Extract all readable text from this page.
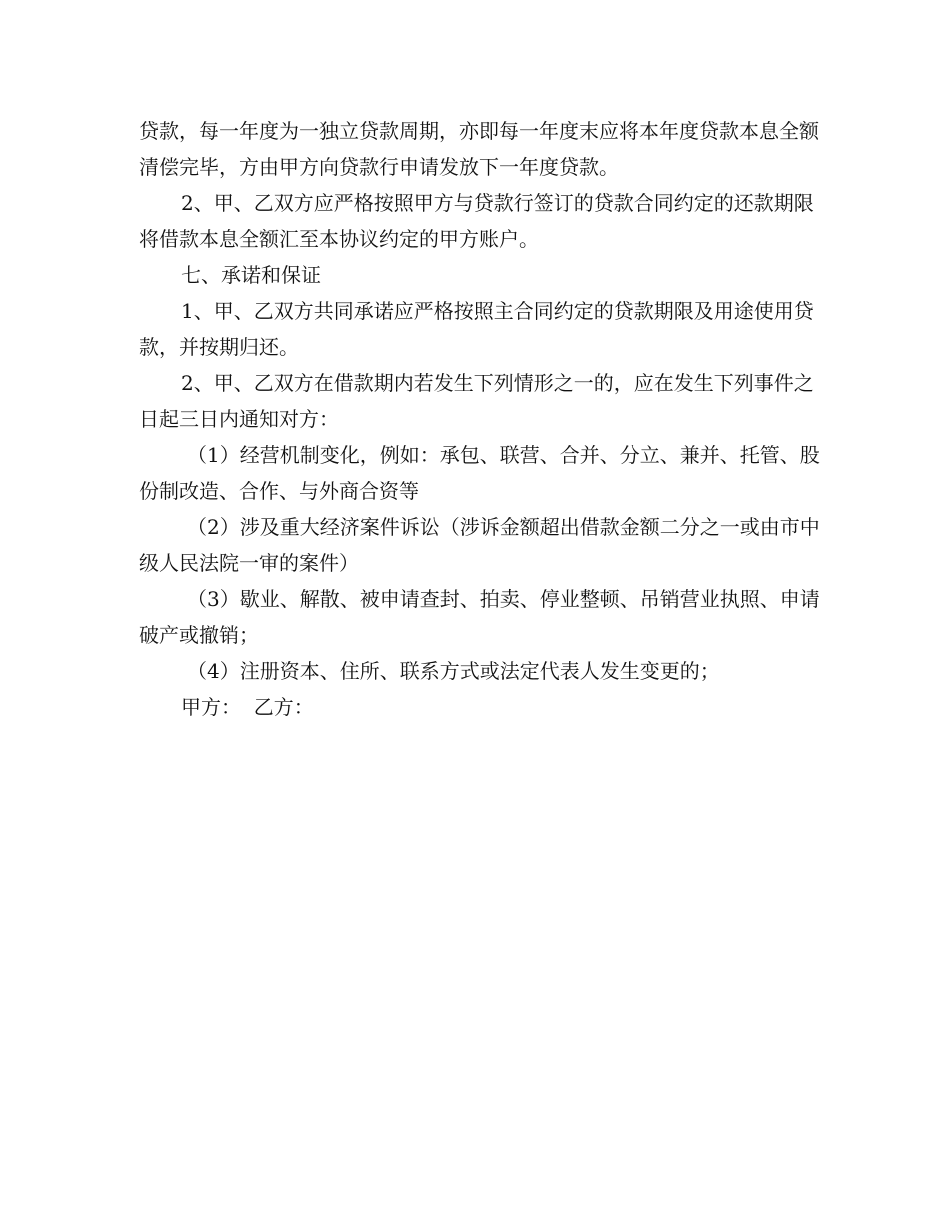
贷款，每一年度为一独立贷款周期，亦即每一年度末应将本年度贷款本息全额清偿完毕，方由甲方向贷款行申请发放下一年度贷款。

2、甲、乙双方应严格按照甲方与贷款行签订的贷款合同约定的还款期限将借款本息全额汇至本协议约定的甲方账户。

七、承诺和保证

1、甲、乙双方共同承诺应严格按照主合同约定的贷款期限及用途使用贷款，并按期归还。

2、甲、乙双方在借款期内若发生下列情形之一的，应在发生下列事件之日起三日内通知对方：

（1）经营机制变化，例如：承包、联营、合并、分立、兼并、托管、股份制改造、合作、与外商合资等

（2）涉及重大经济案件诉讼（涉诉金额超出借款金额二分之一或由市中级人民法院一审的案件）

（3）歇业、解散、被申请查封、拍卖、停业整顿、吊销营业执照、申请破产或撤销；

（4）注册资本、住所、联系方式或法定代表人发生变更的；

甲方：  乙方：
